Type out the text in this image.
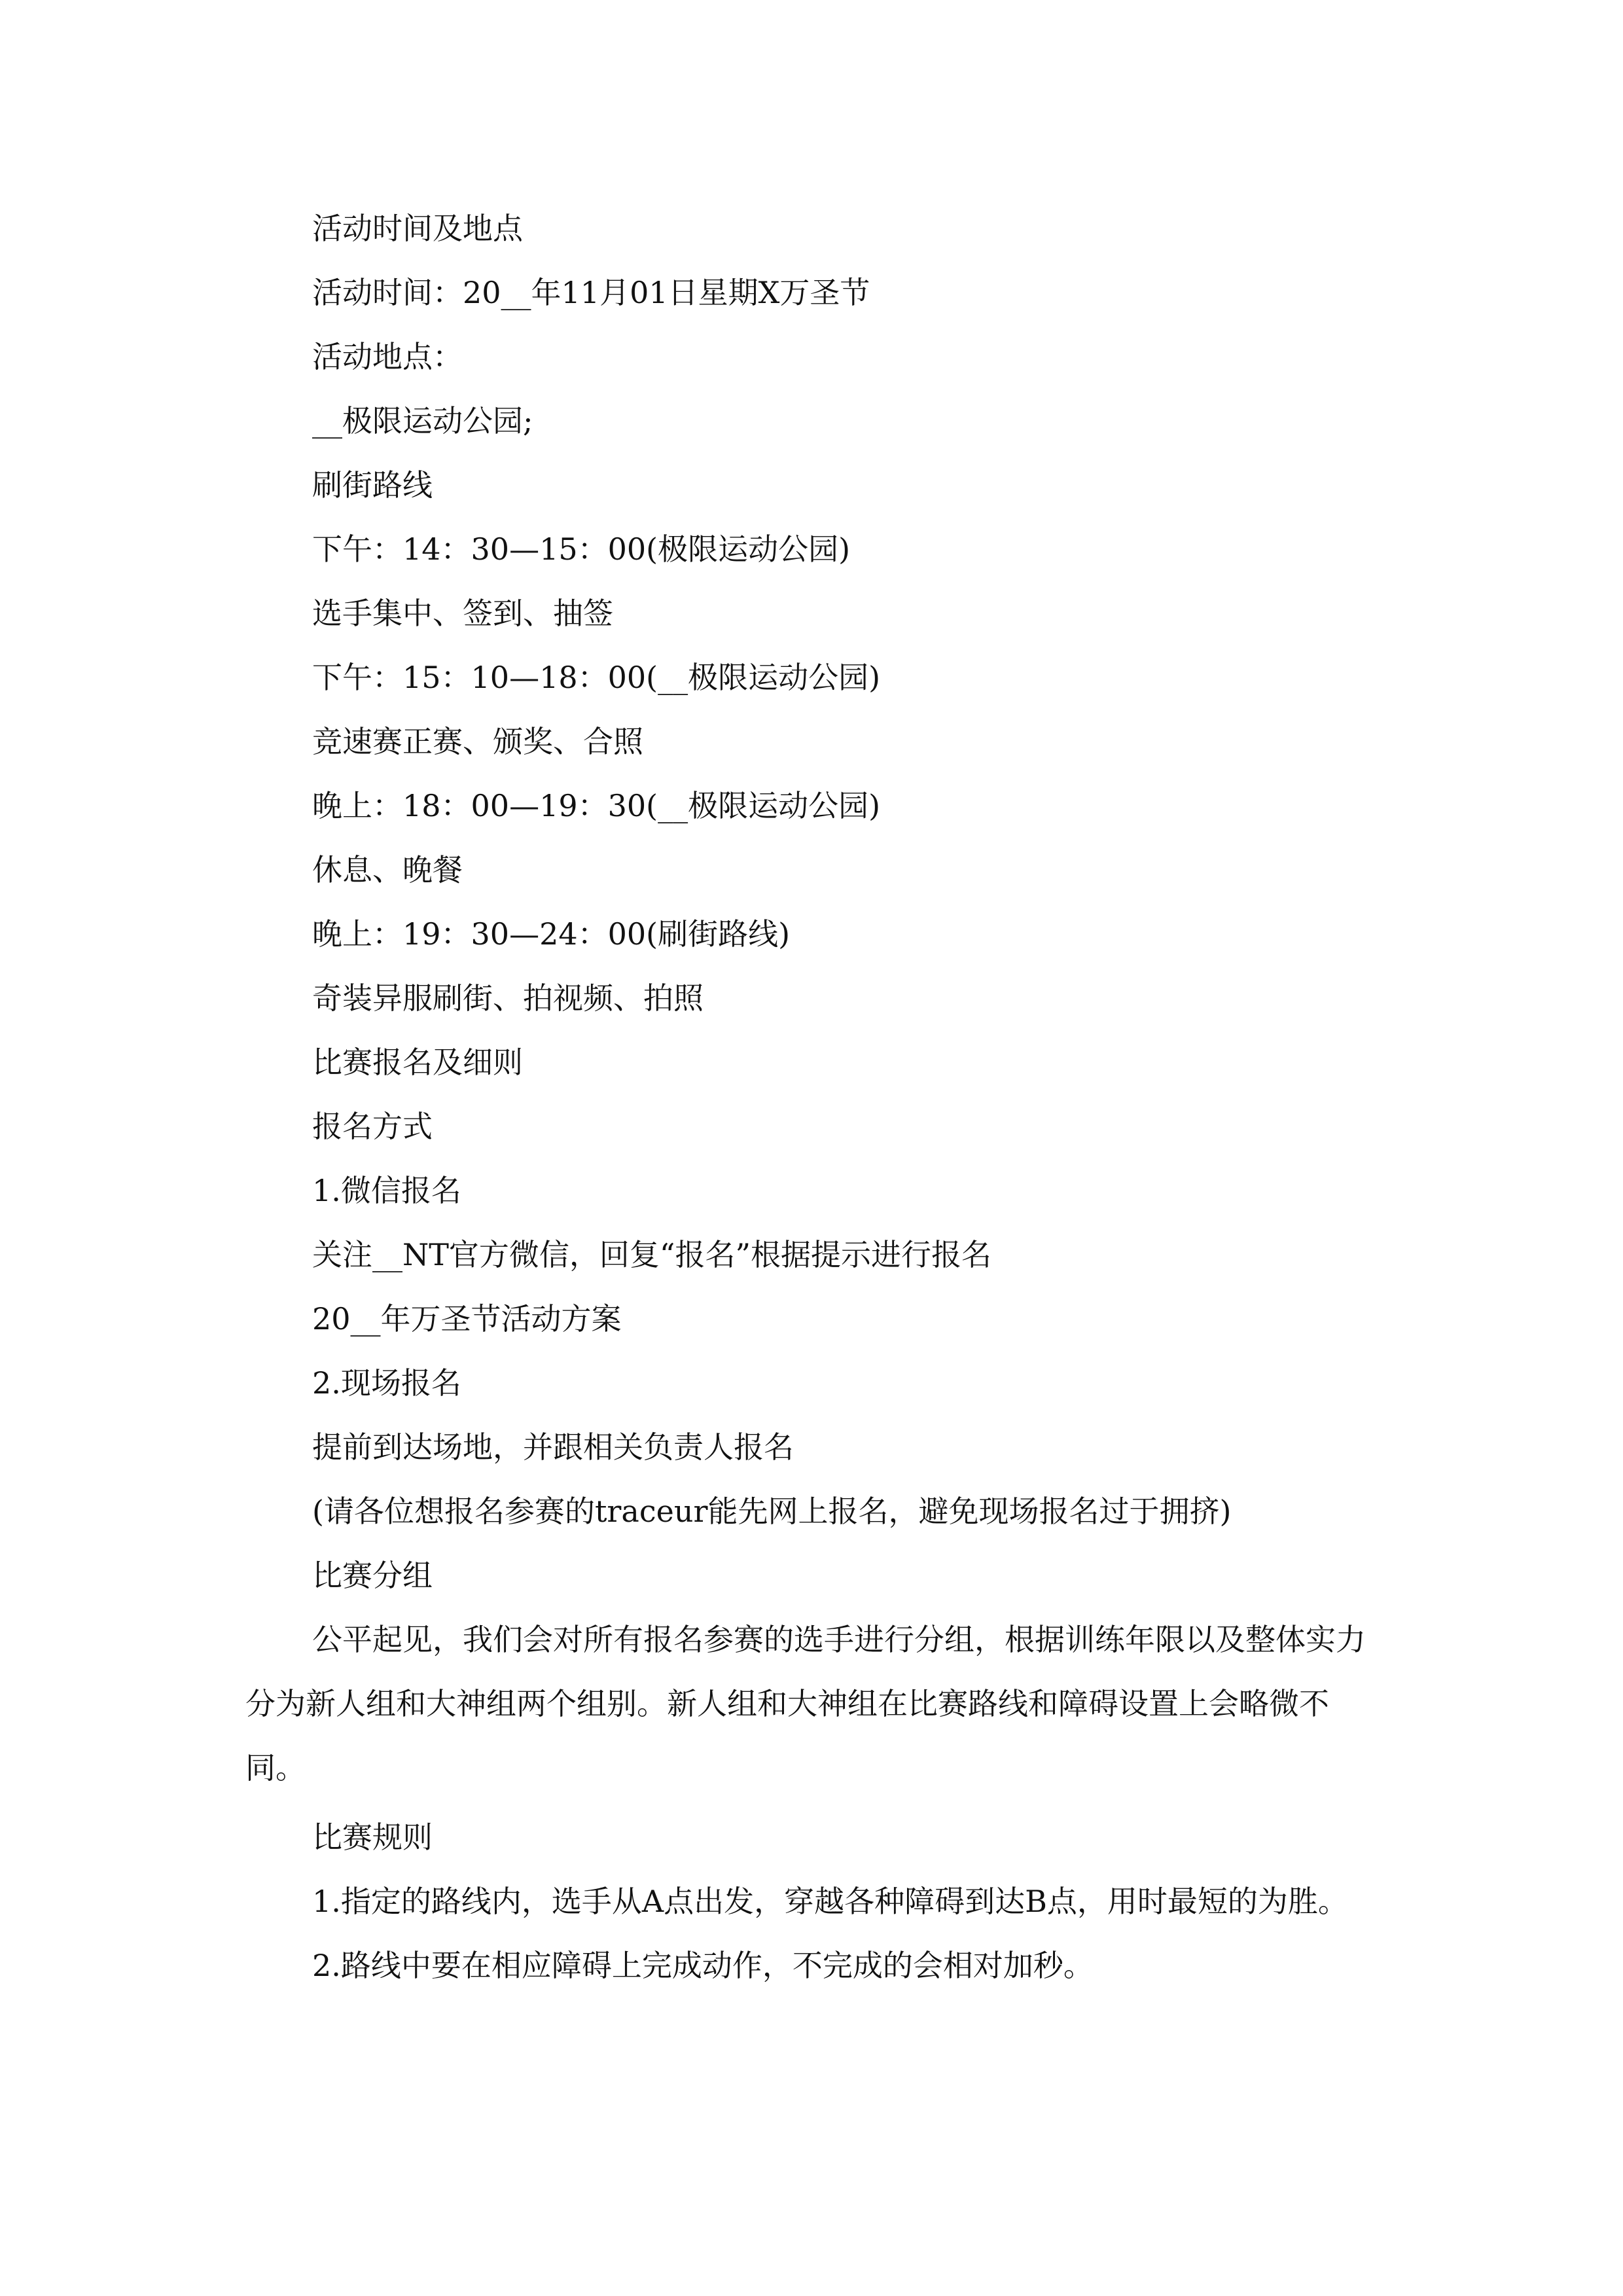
活动时间及地点
活动时间：20__年11月01日星期X万圣节
活动地点：
__极限运动公园;
刷街路线
下午：14：30—15：00(极限运动公园)
选手集中、签到、抽签
下午：15：10—18：00(__极限运动公园)
竞速赛正赛、颁奖、合照
晚上：18：00—19：30(__极限运动公园)
休息、晚餐
晚上：19：30—24：00(刷街路线)
奇装异服刷街、拍视频、拍照
比赛报名及细则
报名方式
1.微信报名
关注__NT官方微信，回复“报名”根据提示进行报名
20__年万圣节活动方案
2.现场报名
提前到达场地，并跟相关负责人报名
(请各位想报名参赛的traceur能先网上报名，避免现场报名过于拥挤)
比赛分组

公平起见，我们会对所有报名参赛的选手进行分组，根据训练年限以及整体实力分为新人组和大神组两个组别。新人组和大神组在比赛路线和障碍设置上会略微不同。

比赛规则

1.指定的路线内，选手从A点出发，穿越各种障碍到达B点，用时最短的为胜。

2.路线中要在相应障碍上完成动作，不完成的会相对加秒。
